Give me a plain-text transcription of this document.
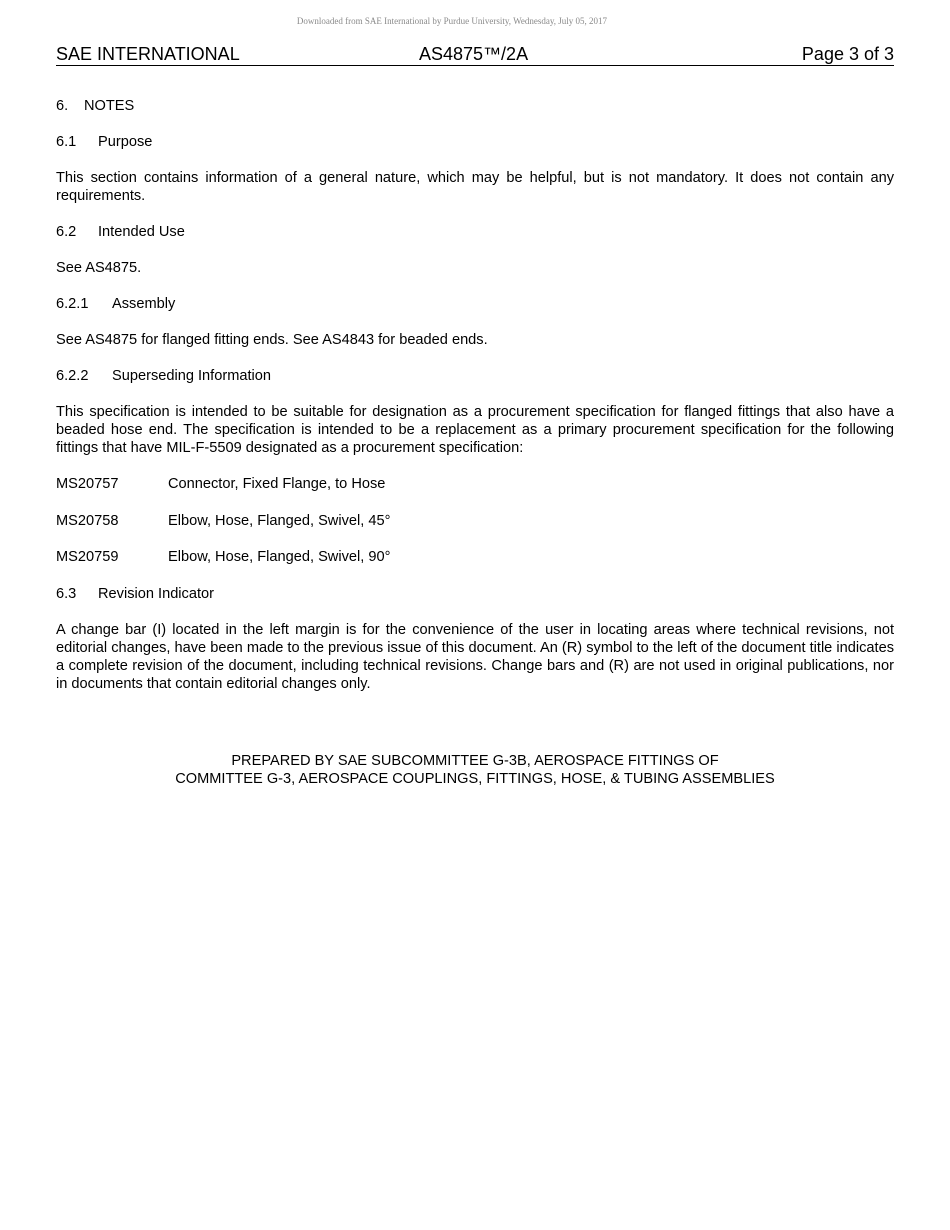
Downloaded from SAE International by Purdue University, Wednesday, July 05, 2017
SAE INTERNATIONAL	AS4875™/2A	Page 3 of 3
6. NOTES
6.1 Purpose
This section contains information of a general nature, which may be helpful, but is not mandatory. It does not contain any requirements.
6.2 Intended Use
See AS4875.
6.2.1 Assembly
See AS4875 for flanged fitting ends. See AS4843 for beaded ends.
6.2.2 Superseding Information
This specification is intended to be suitable for designation as a procurement specification for flanged fittings that also have a beaded hose end. The specification is intended to be a replacement as a primary procurement specification for the following fittings that have MIL-F-5509 designated as a procurement specification:
MS20757	Connector, Fixed Flange, to Hose
MS20758	Elbow, Hose, Flanged, Swivel, 45°
MS20759	Elbow, Hose, Flanged, Swivel, 90°
6.3 Revision Indicator
A change bar (I) located in the left margin is for the convenience of the user in locating areas where technical revisions, not editorial changes, have been made to the previous issue of this document. An (R) symbol to the left of the document title indicates a complete revision of the document, including technical revisions. Change bars and (R) are not used in original publications, nor in documents that contain editorial changes only.
PREPARED BY SAE SUBCOMMITTEE G-3B, AEROSPACE FITTINGS OF
COMMITTEE G-3, AEROSPACE COUPLINGS, FITTINGS, HOSE, & TUBING ASSEMBLIES
